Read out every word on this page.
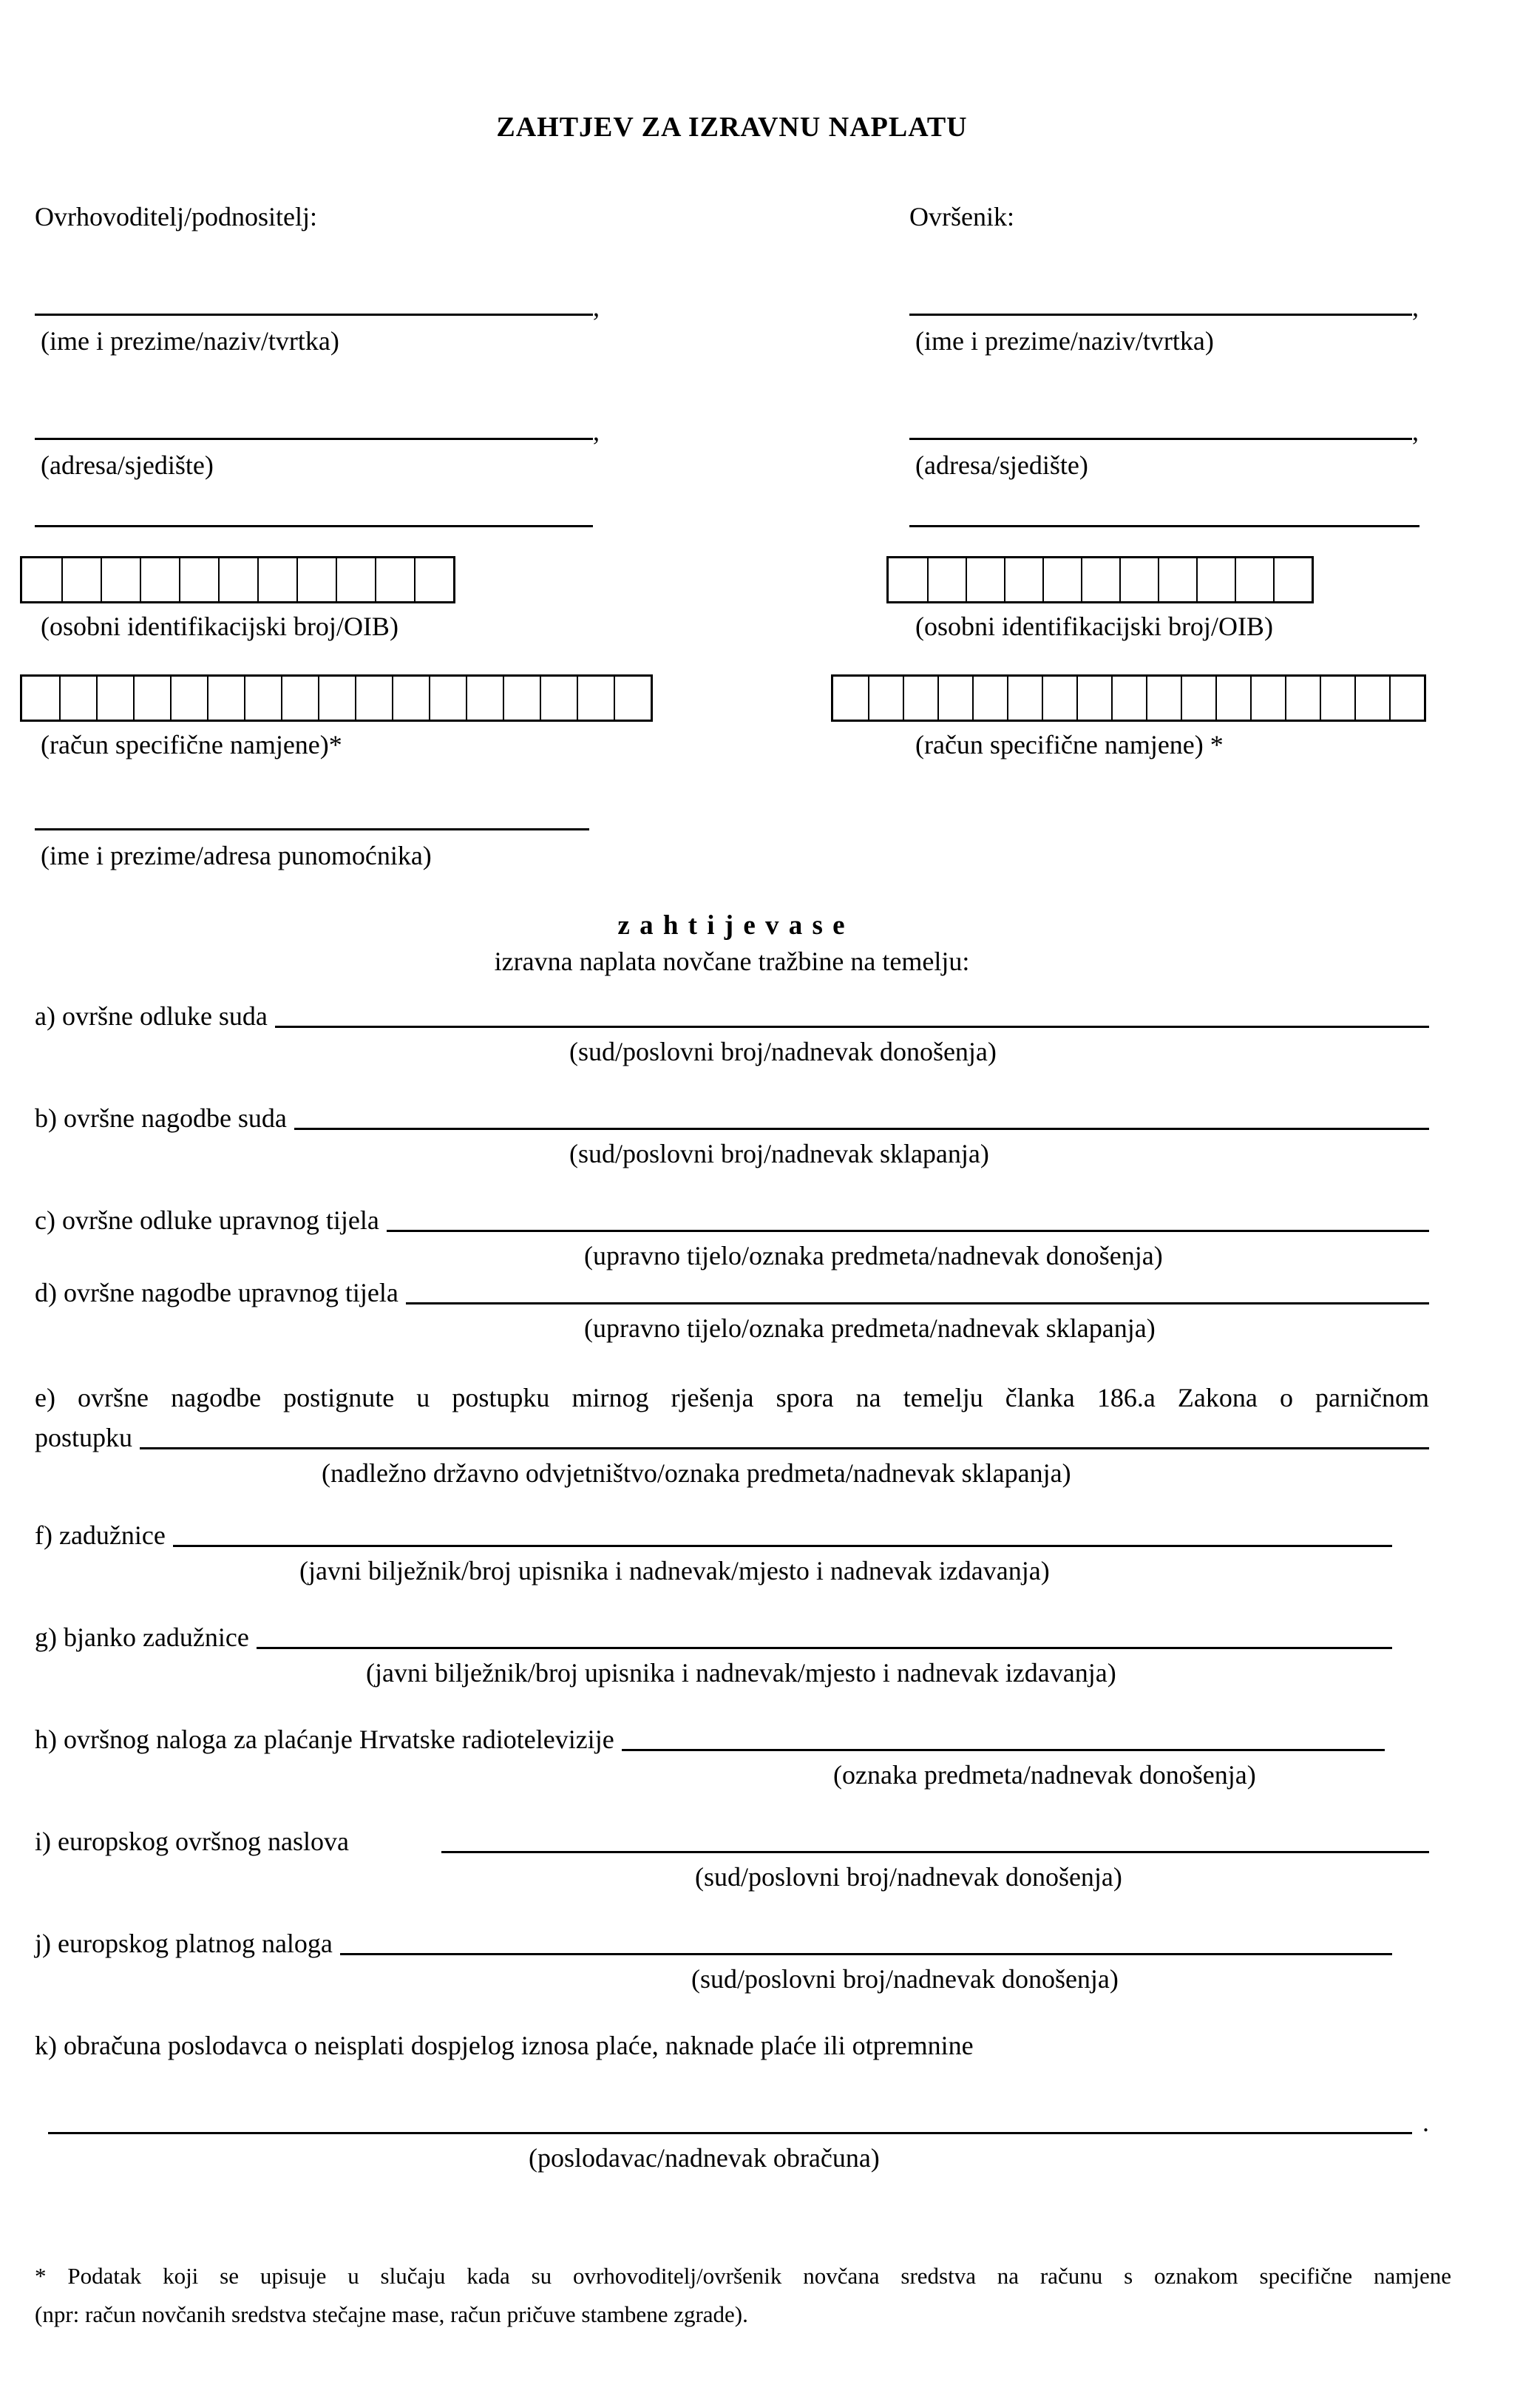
ZAHTJEV ZA IZRAVNU NAPLATU
Ovrhovoditelj/podnositelj:
,
(ime i prezime/naziv/tvrtka)
,
(adresa/sjedište)
(osobni identifikacijski broj/OIB)
(račun specifične namjene)*
Ovršenik:
,
(ime i prezime/naziv/tvrtka)
,
(adresa/sjedište)
(osobni identifikacijski broj/OIB)
(račun specifične namjene) *
(ime i prezime/adresa punomoćnika)
z a h t i j e v a s e
izravna naplata novčane tražbine na temelju:
a) ovršne odluke suda
(sud/poslovni broj/nadnevak donošenja)
b) ovršne nagodbe suda
(sud/poslovni broj/nadnevak sklapanja)
c) ovršne odluke upravnog tijela
(upravno tijelo/oznaka predmeta/nadnevak donošenja)
d) ovršne nagodbe upravnog tijela
(upravno tijelo/oznaka predmeta/nadnevak sklapanja)
e) ovršne nagodbe postignute u postupku mirnog rješenja spora na temelju članka 186.a Zakona o parničnom
postupku
(nadležno državno odvjetništvo/oznaka predmeta/nadnevak sklapanja)
f) zadužnice
(javni bilježnik/broj upisnika i nadnevak/mjesto i nadnevak izdavanja)
g) bjanko zadužnice
(javni bilježnik/broj upisnika i nadnevak/mjesto i nadnevak izdavanja)
h) ovršnog naloga za plaćanje Hrvatske radiotelevizije
(oznaka predmeta/nadnevak donošenja)
i) europskog ovršnog naslova
(sud/poslovni broj/nadnevak donošenja)
j) europskog platnog naloga
(sud/poslovni broj/nadnevak donošenja)
k) obračuna poslodavca o neisplati dospjelog iznosa plaće, naknade plaće ili otpremnine
.
(poslodavac/nadnevak obračuna)
* Podatak koji se upisuje u slučaju kada su ovrhovoditelj/ovršenik novčana sredstva na računu s oznakom specifične namjene
(npr: račun novčanih sredstva stečajne mase, račun pričuve stambene zgrade).
